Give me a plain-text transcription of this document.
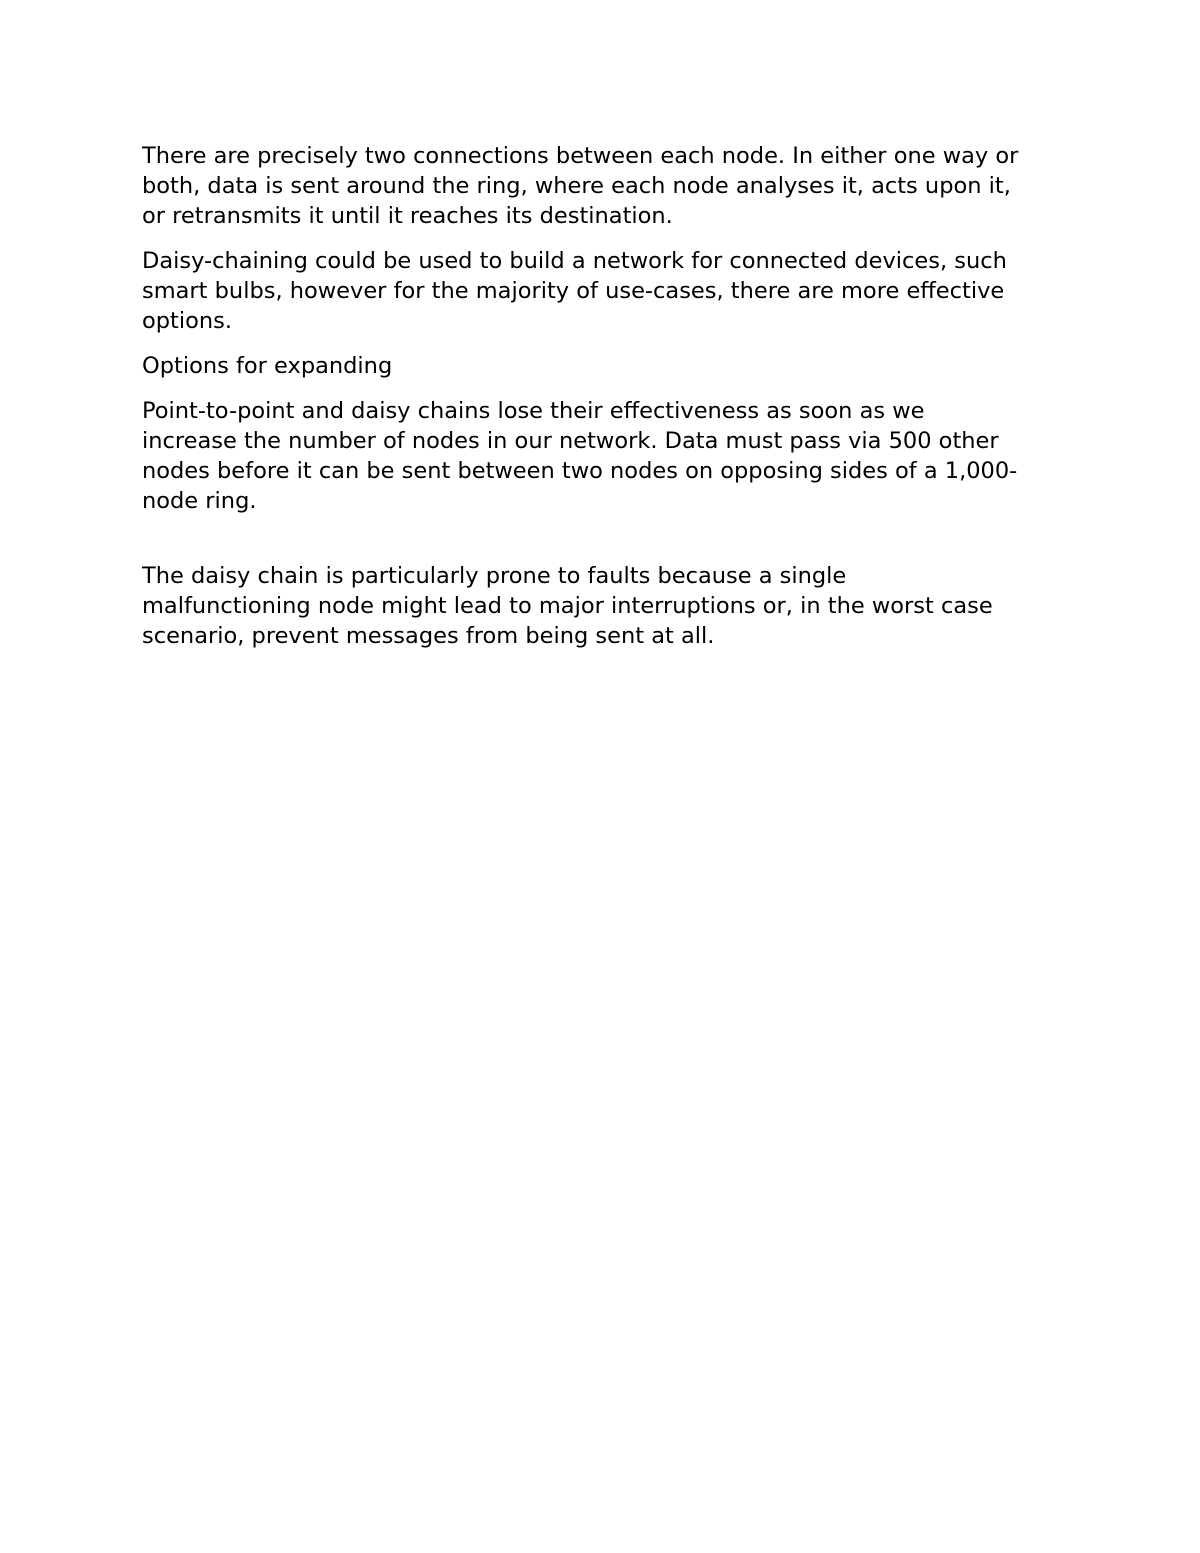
There are precisely two connections between each node. In either one way or
both, data is sent around the ring, where each node analyses it, acts upon it,
or retransmits it until it reaches its destination.

Daisy-chaining could be used to build a network for connected devices, such
smart bulbs, however for the majority of use-cases, there are more effective
options.

Options for expanding

Point-to-point and daisy chains lose their effectiveness as soon as we
increase the number of nodes in our network. Data must pass via 500 other
nodes before it can be sent between two nodes on opposing sides of a 1,000-
node ring.

The daisy chain is particularly prone to faults because a single
malfunctioning node might lead to major interruptions or, in the worst case
scenario, prevent messages from being sent at all.
